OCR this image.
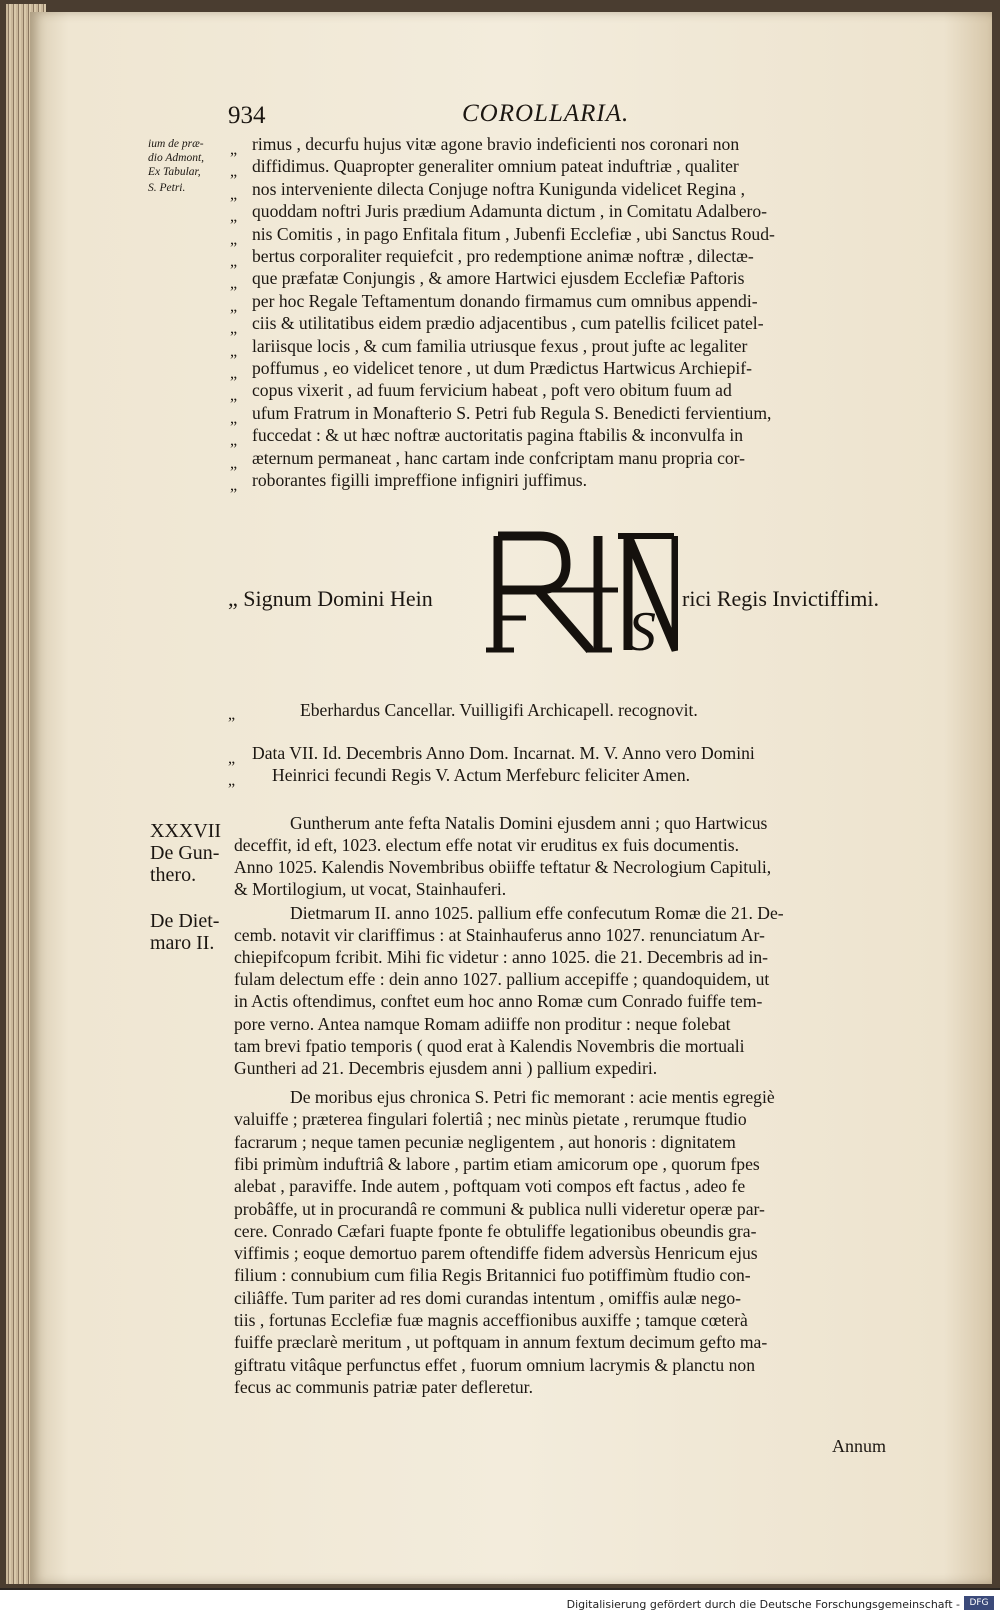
934	COROLLARIA.
ium de præ-
dio Admont,
Ex Tabular,
S. Petri.
„ rimus , decurfu hujus vitæ agone bravio indeficienti nos coronari non
„ diffidimus. Quapropter generaliter omnium pateat induftriæ , qualiter
„ nos interveniente dilecta Conjuge noftra Kunigunda videlicet Regina ,
„ quoddam noftri Juris prædium Adamunta dictum , in Comitatu Adalbero-
„ nis Comitis , in pago Enfitala fitum , Jubenfi Ecclefiæ , ubi Sanctus Roud-
„ bertus corporaliter requiefcit , pro redemptione animæ noftræ , dilectæ-
„ que præfatæ Conjungis , & amore Hartwici ejusdem Ecclefiæ Paftoris
„ per hoc Regale Teftamentum donando firmamus cum omnibus appendi-
„ ciis & utilitatibus eidem prædio adjacentibus , cum patellis fcilicet patel-
„ lariisque locis , & cum familia utriusque fexus , prout jufte ac legaliter
„ poffumus , eo videlicet tenore , ut dum Prædictus Hartwicus Archiepif-
„ copus vixerit , ad fuum fervicium habeat , poft vero obitum fuum ad
„ ufum Fratrum in Monafterio S. Petri fub Regula S. Benedicti fervientium,
„ fuccedat : & ut hæc noftræ auctoritatis pagina ftabilis & inconvulfa in
„ æternum permaneat , hanc cartam inde confcriptam manu propria cor-
„ roborantes figilli impreffione infigniri juffimus.
„ Signum Domini Hein
S
rici Regis Invictiffimi.
„	Eberhardus Cancellar. Vuilligifi Archicapell. recognovit.
„ Data VII. Id. Decembris Anno Dom. Incarnat. M. V. Anno vero Domini
„ Heinrici fecundi Regis V. Actum Merfeburc feliciter Amen.
XXXVII
De Gun-
thero.
Guntherum ante fefta Natalis Domini ejusdem anni ; quo Hartwicus
deceffit, id eft, 1023. electum effe notat vir eruditus ex fuis documentis.
Anno 1025. Kalendis Novembribus obiiffe teftatur & Necrologium Capituli,
& Mortilogium, ut vocat, Stainhauferi.
De Diet-
maro II.
Dietmarum II. anno 1025. pallium effe confecutum Romæ die 21. De-
cemb. notavit vir clariffimus : at Stainhauferus anno 1027. renunciatum Ar-
chiepifcopum fcribit. Mihi fic videtur : anno 1025. die 21. Decembris ad in-
fulam delectum effe : dein anno 1027. pallium accepiffe ; quandoquidem, ut
in Actis oftendimus, conftet eum hoc anno Romæ cum Conrado fuiffe tem-
pore verno. Antea namque Romam adiiffe non proditur : neque folebat
tam brevi fpatio temporis ( quod erat à Kalendis Novembris die mortuali
Guntheri ad 21. Decembris ejusdem anni ) pallium expediri.
De moribus ejus chronica S. Petri fic memorant : acie mentis egregiè
valuiffe ; præterea fingulari folertiâ ; nec minùs pietate , rerumque ftudio
facrarum ; neque tamen pecuniæ negligentem , aut honoris : dignitatem
fibi primùm induftriâ & labore , partim etiam amicorum ope , quorum fpes
alebat , paraviffe. Inde autem , poftquam voti compos eft factus , adeo fe
probâffe, ut in procurandâ re communi & publica nulli videretur operæ par-
cere. Conrado Cæfari fuapte fponte fe obtuliffe legationibus obeundis gra-
viffimis ; eoque demortuo parem oftendiffe fidem adversùs Henricum ejus
filium : connubium cum filia Regis Britannici fuo potiffimùm ftudio con-
ciliâffe. Tum pariter ad res domi curandas intentum , omiffis aulæ nego-
tiis , fortunas Ecclefiæ fuæ magnis acceffionibus auxiffe ; tamque cœterà
fuiffe præclarè meritum , ut poftquam in annum fextum decimum gefto ma-
giftratu vitâque perfunctus effet , fuorum omnium lacrymis & planctu non
fecus ac communis patriæ pater defleretur.
Annum
Digitalisierung gefördert durch die Deutsche Forschungsgemeinschaft -	DFG
